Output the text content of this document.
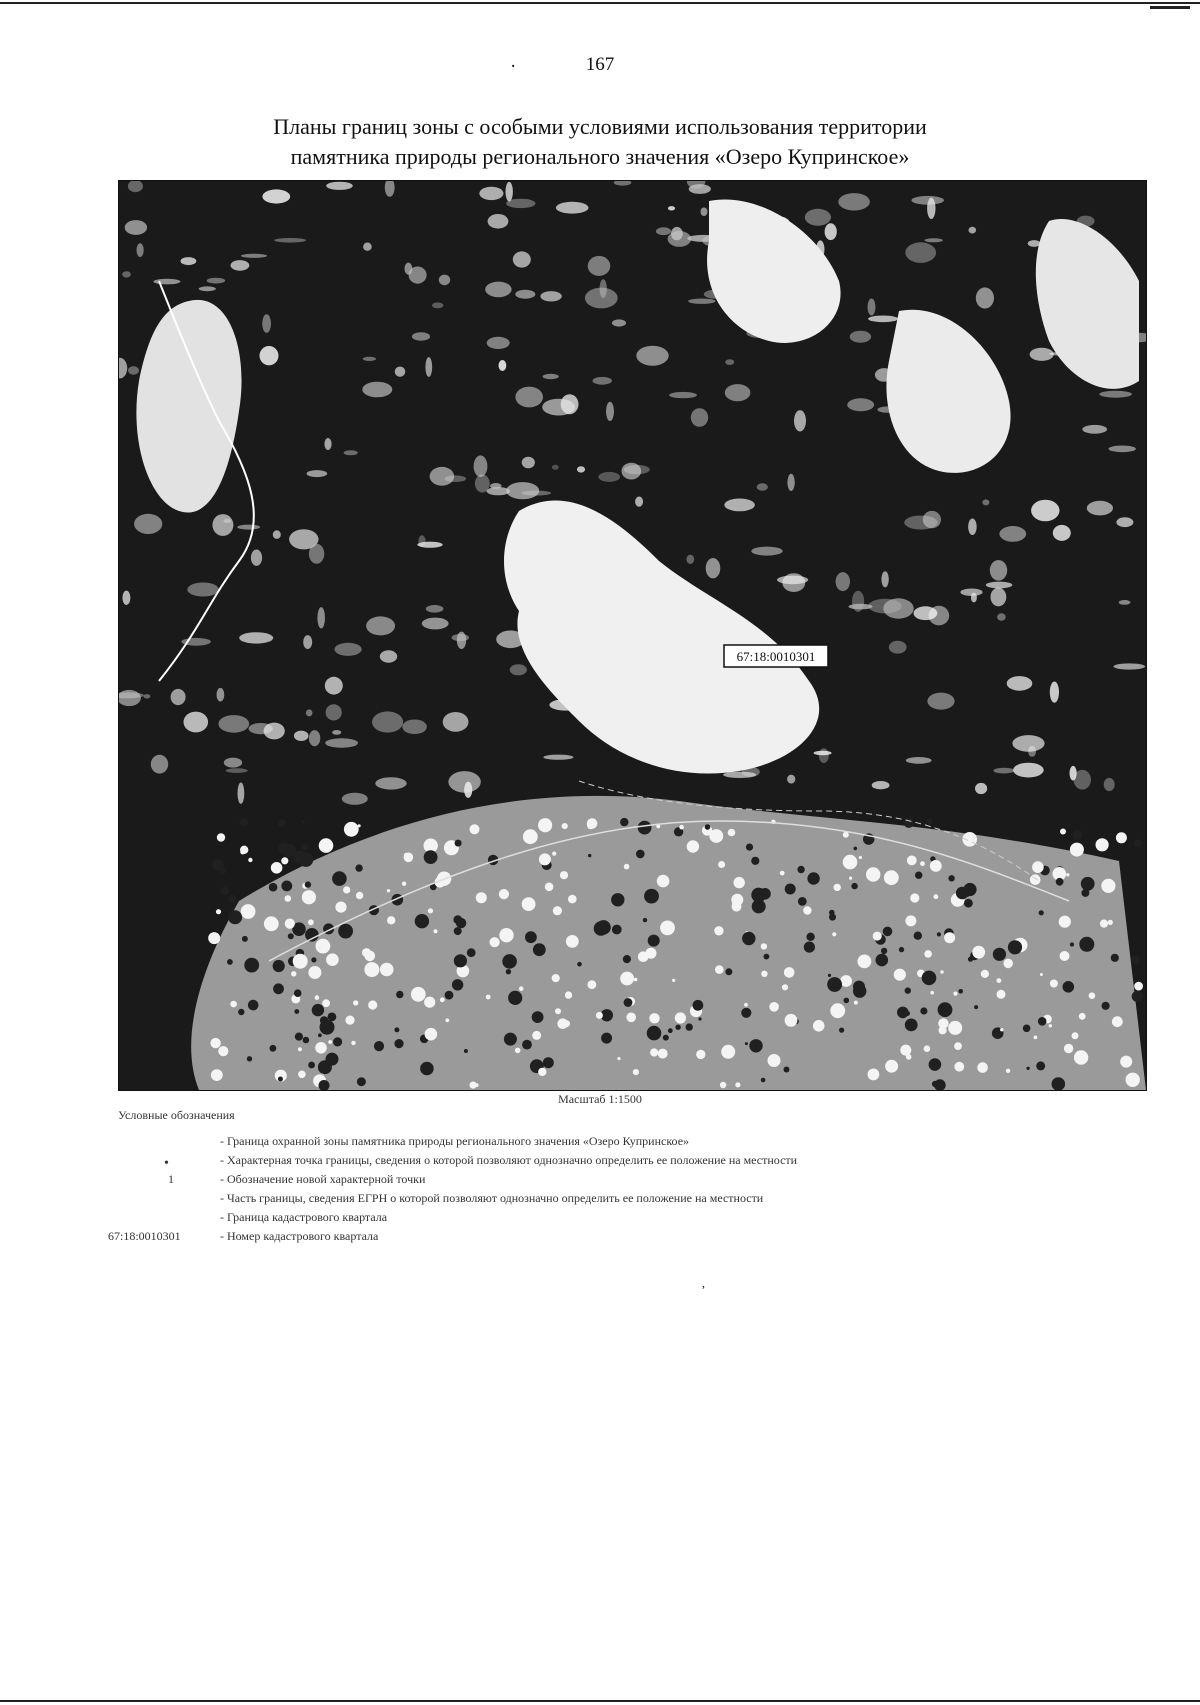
·	167
Планы границ зоны с особыми условиями использования территории
памятника природы регионального значения «Озеро Купринское»
67:18:0010301
Масштаб 1:1500
Условные обозначения
- Граница охранной зоны памятника природы регионального значения «Озеро Купринское»
•	- Характерная точка границы, сведения о которой позволяют однозначно определить ее положение на местности
1	- Обозначение новой характерной точки
- Часть границы, сведения ЕГРН о которой позволяют однозначно определить ее положение на местности
- Граница кадастрового квартала
67:18:0010301	- Номер кадастрового квартала
,
